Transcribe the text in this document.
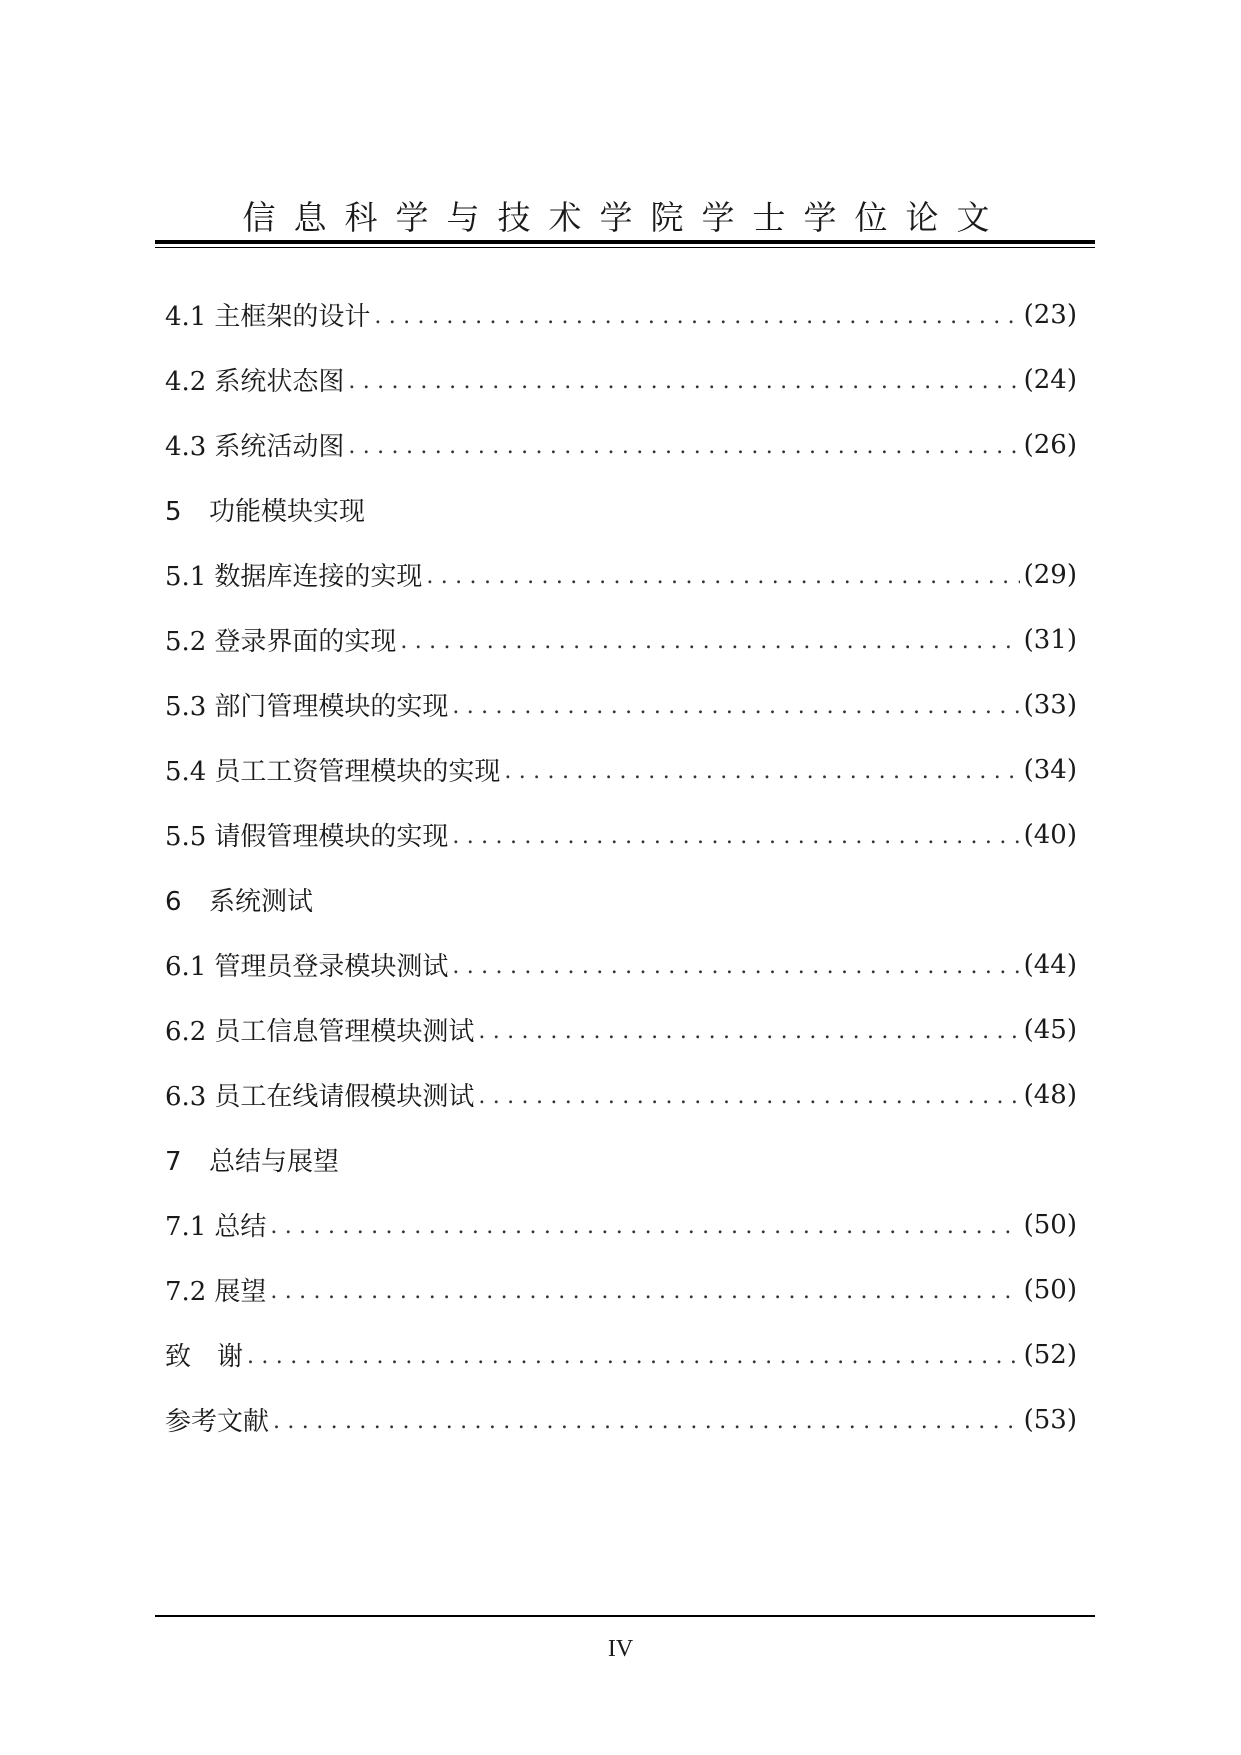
信息科学与技术学院学士学位论文
4.1 主框架的设计 .....	(23)
4.2 系统状态图 .....	(24)
4.3 系统活动图 .....	(26)
5 功能模块实现
5.1 数据库连接的实现 .....	(29)
5.2 登录界面的实现 .....	(31)
5.3 部门管理模块的实现 .....	(33)
5.4 员工工资管理模块的实现 .....	(34)
5.5 请假管理模块的实现 .....	(40)
6 系统测试
6.1 管理员登录模块测试 .....	(44)
6.2 员工信息管理模块测试 .....	(45)
6.3 员工在线请假模块测试 .....	(48)
7 总结与展望
7.1 总结 .....	(50)
7.2 展望 .....	(50)
致　谢 .....	(52)
参考文献 .....	(53)
IV
